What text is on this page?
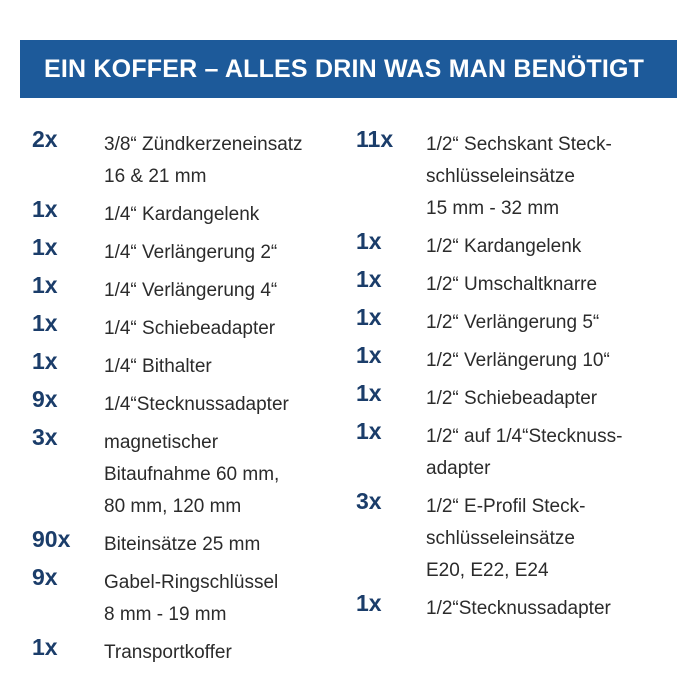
EIN KOFFER – ALLES DRIN WAS MAN BENÖTIGT
2x 3/8“ Zündkerzeneinsatz
16 & 21 mm
1x 1/4“ Kardangelenk
1x 1/4“ Verlängerung 2“
1x 1/4“ Verlängerung 4“
1x 1/4“ Schiebeadapter
1x 1/4“ Bithalter
9x 1/4“Stecknussadapter
3x magnetischer
Bitaufnahme 60 mm,
80 mm, 120 mm
90x Biteinsätze 25 mm
9x Gabel-Ringschlüssel
8 mm - 19 mm
1x Transportkoffer
11x 1/2“ Sechskant Steck-
schlüsseleinsätze
15 mm - 32 mm
1x 1/2“ Kardangelenk
1x 1/2“ Umschaltknarre
1x 1/2“ Verlängerung 5“
1x 1/2“ Verlängerung 10“
1x 1/2“ Schiebeadapter
1x 1/2“ auf 1/4“Stecknuss-
adapter
3x 1/2“ E-Profil Steck-
schlüsseleinsätze
E20, E22, E24
1x 1/2“Stecknussadapter
